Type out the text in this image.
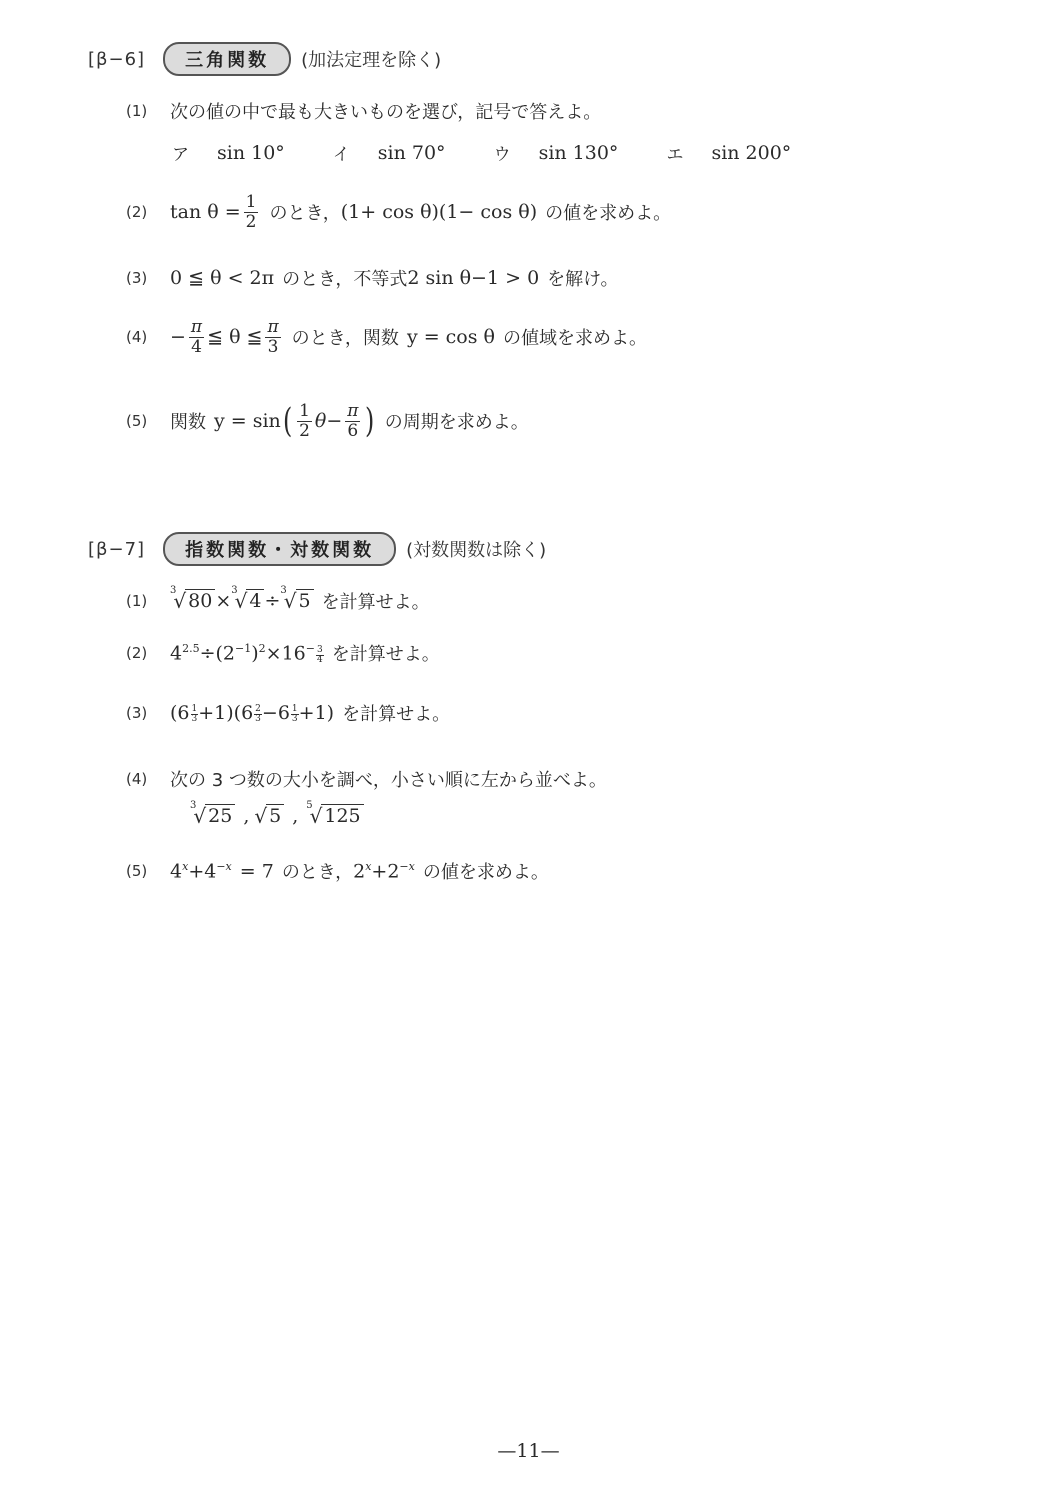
[β−6]	三角関数	(加法定理を除く)
(1)	次の値の中で最も大きいものを選び，記号で答えよ。
ア sin 10°	イ sin 70°	ウ sin 130°	エ sin 200°
(2)	$\tan \theta = \frac{1}{2}$ のとき， (1+ cos θ)(1− cos θ) の値を求めよ。
(3)	0 ≦ θ < 2π のとき，不等式 2 sin θ−1 > 0 を解け。
(4)	− $\frac{\pi}{4}$ ≦ θ ≦ $\frac{\pi}{3}$ のとき，関数 y = cos θ の値域を求めよ。
(5)	関数 y = sin ( $\frac{1}{2} \theta- \frac{\pi}{6}$ ) の周期を求めよ。
[β−7]	指数関数・対数関数	(対数関数は除く)
(1)
3
√ 80 × 3
√ 4 ÷ 3
√ 5 を計算せよ。
(2)	$4^{2.5}\div(2^{-1})^2\times 16^- \frac{3}{4}$ を計算せよ。
(3)	$(6 \frac{1}{3} +1)(6 \frac{2}{3} -6 \frac{1}{3} +1)$ を計算せよ。
(4)	次の 3 つ数の大小を調べ，小さい順に左から並べよ。
3
√ 25 , √ 5 , 5
√ 125
(5)	$4^x+4^{-x} = 7$ のとき， $2^x+2^{-x}$ の値を求めよ。
—11—
